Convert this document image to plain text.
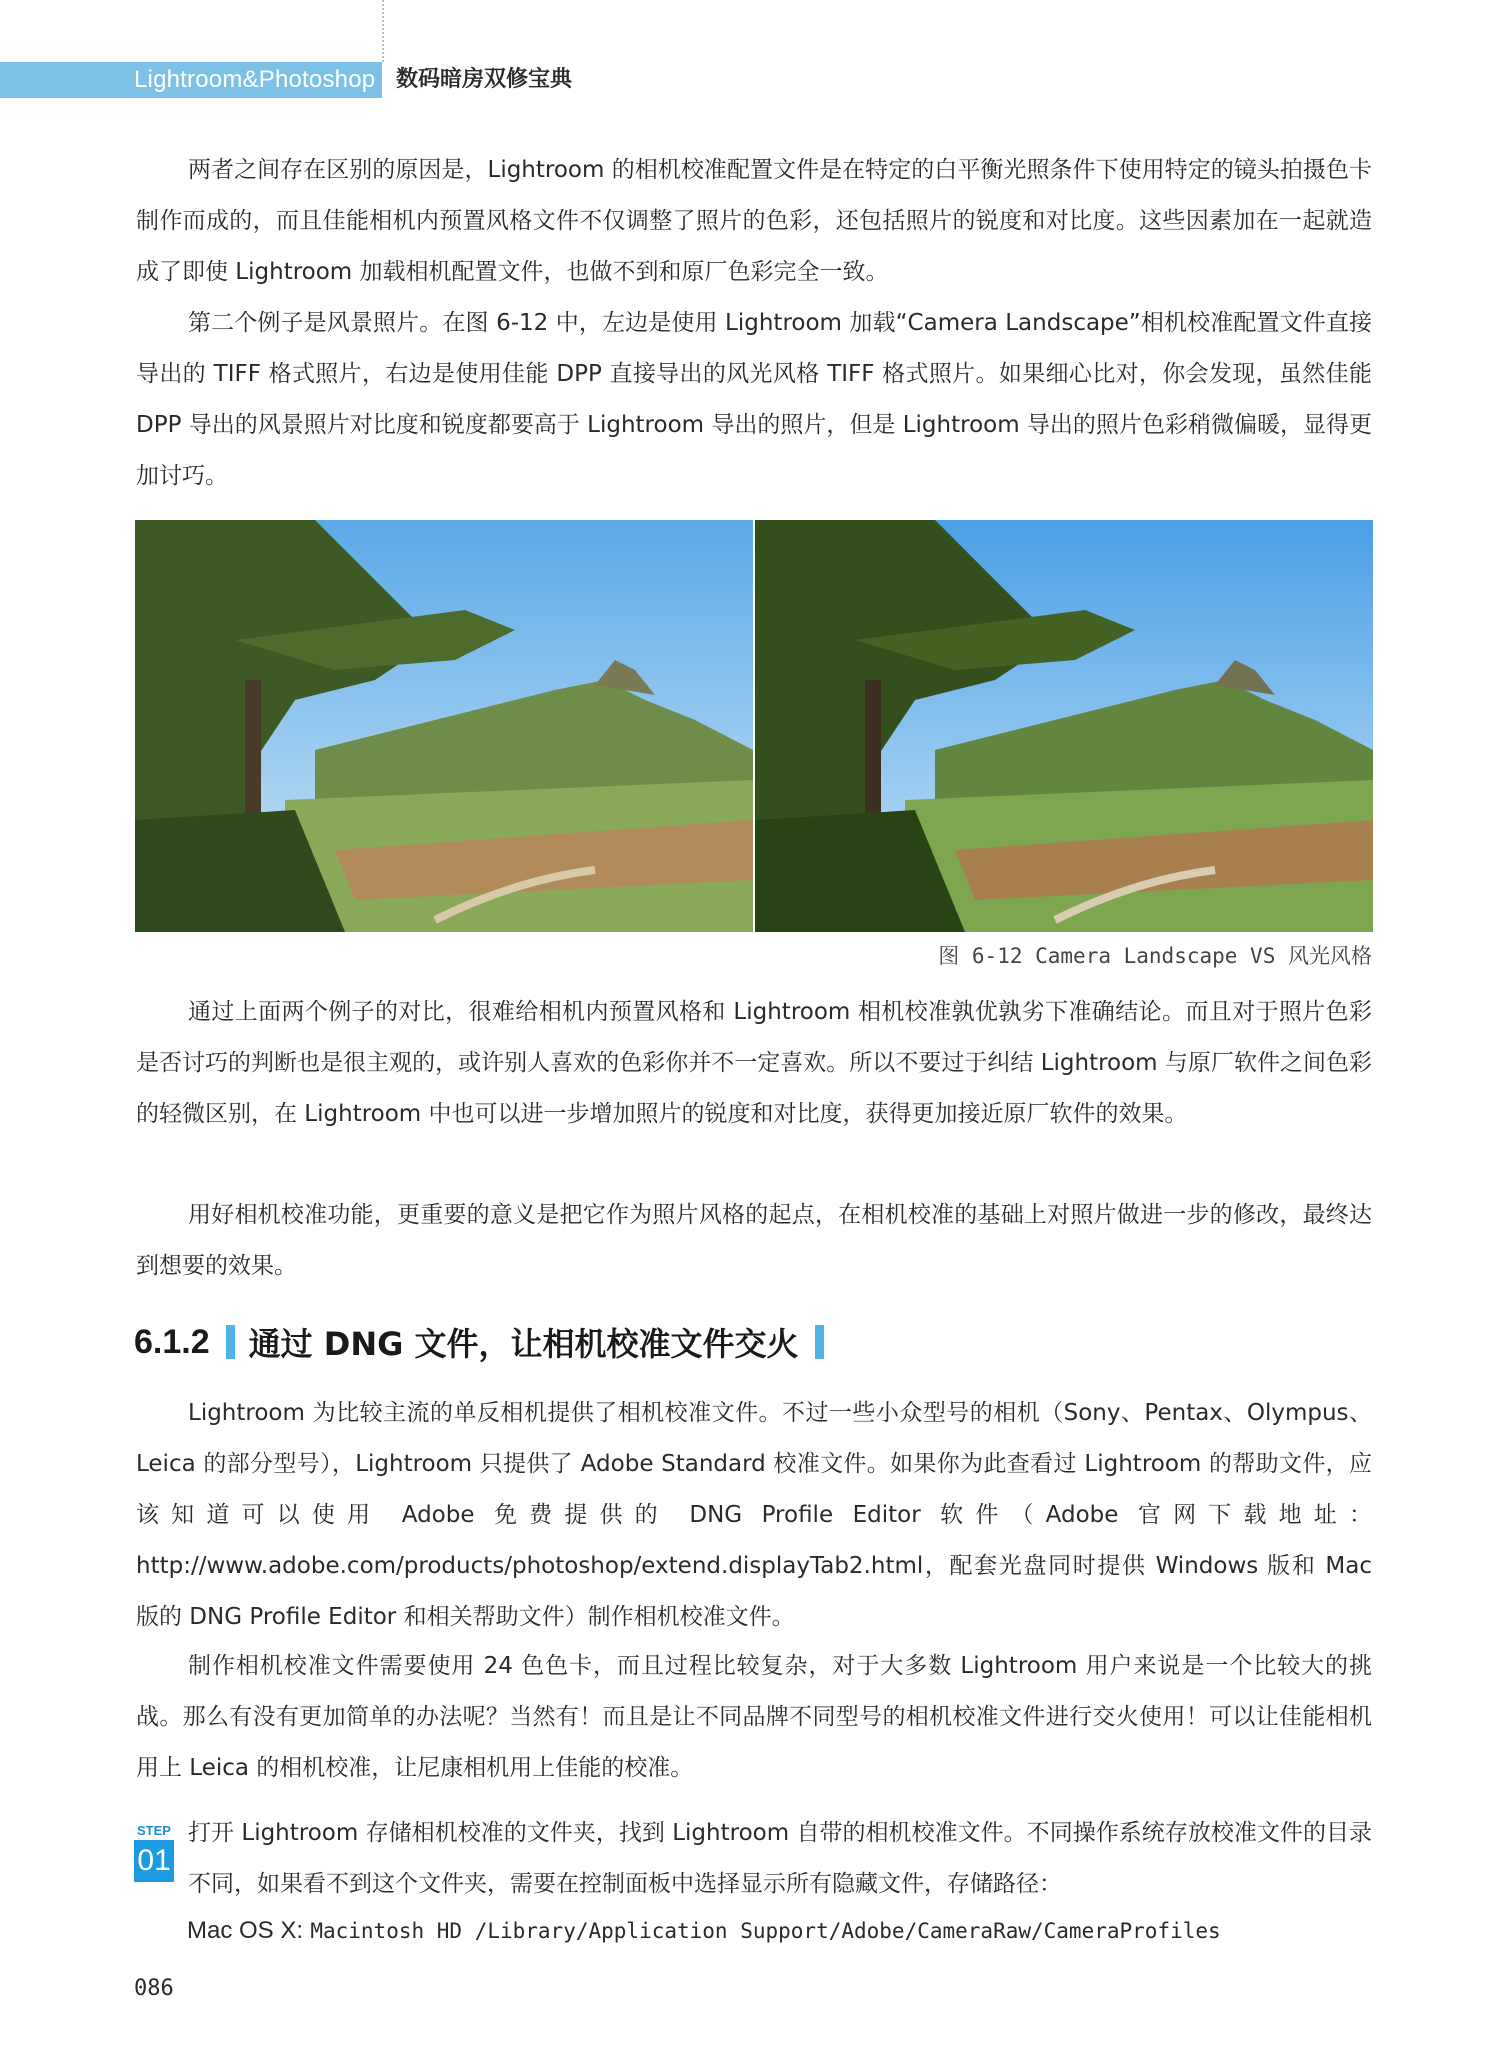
Lightroom&Photoshop 数码暗房双修宝典

两者之间存在区别的原因是，Lightroom 的相机校准配置文件是在特定的白平衡光照条件下使用特定的镜头拍摄色卡制作而成的，而且佳能相机内预置风格文件不仅调整了照片的色彩，还包括照片的锐度和对比度。这些因素加在一起就造成了即使 Lightroom 加载相机配置文件，也做不到和原厂色彩完全一致。

第二个例子是风景照片。在图 6-12 中，左边是使用 Lightroom 加载“Camera Landscape”相机校准配置文件直接导出的 TIFF 格式照片，右边是使用佳能 DPP 直接导出的风光风格 TIFF 格式照片。如果细心比对，你会发现，虽然佳能 DPP 导出的风景照片对比度和锐度都要高于 Lightroom 导出的照片，但是 Lightroom 导出的照片色彩稍微偏暖，显得更加讨巧。

图 6-12 Camera Landscape VS 风光风格

通过上面两个例子的对比，很难给相机内预置风格和 Lightroom 相机校准孰优孰劣下准确结论。而且对于照片色彩是否讨巧的判断也是很主观的，或许别人喜欢的色彩你并不一定喜欢。所以不要过于纠结 Lightroom 与原厂软件之间色彩的轻微区别，在 Lightroom 中也可以进一步增加照片的锐度和对比度，获得更加接近原厂软件的效果。

用好相机校准功能，更重要的意义是把它作为照片风格的起点，在相机校准的基础上对照片做进一步的修改，最终达到想要的效果。

6.1.2 通过 DNG 文件，让相机校准文件交火

Lightroom 为比较主流的单反相机提供了相机校准文件。不过一些小众型号的相机（Sony、Pentax、Olympus、Leica 的部分型号），Lightroom 只提供了 Adobe Standard 校准文件。如果你为此查看过 Lightroom 的帮助文件，应该知道可以使用 Adobe 免费提供的 DNG Profile Editor 软件（Adobe 官网下载地址： http://www.adobe.com/products/photoshop/extend.displayTab2.html，配套光盘同时提供 Windows 版和 Mac 版的 DNG Profile Editor 和相关帮助文件）制作相机校准文件。

制作相机校准文件需要使用 24 色色卡，而且过程比较复杂，对于大多数 Lightroom 用户来说是一个比较大的挑战。那么有没有更加简单的办法呢？当然有！而且是让不同品牌不同型号的相机校准文件进行交火使用！可以让佳能相机用上 Leica 的相机校准，让尼康相机用上佳能的校准。

STEP
01

打开 Lightroom 存储相机校准的文件夹，找到 Lightroom 自带的相机校准文件。不同操作系统存放校准文件的目录不同，如果看不到这个文件夹，需要在控制面板中选择显示所有隐藏文件，存储路径：

Mac OS X: Macintosh HD /Library/Application Support/Adobe/CameraRaw/CameraProfiles
086
